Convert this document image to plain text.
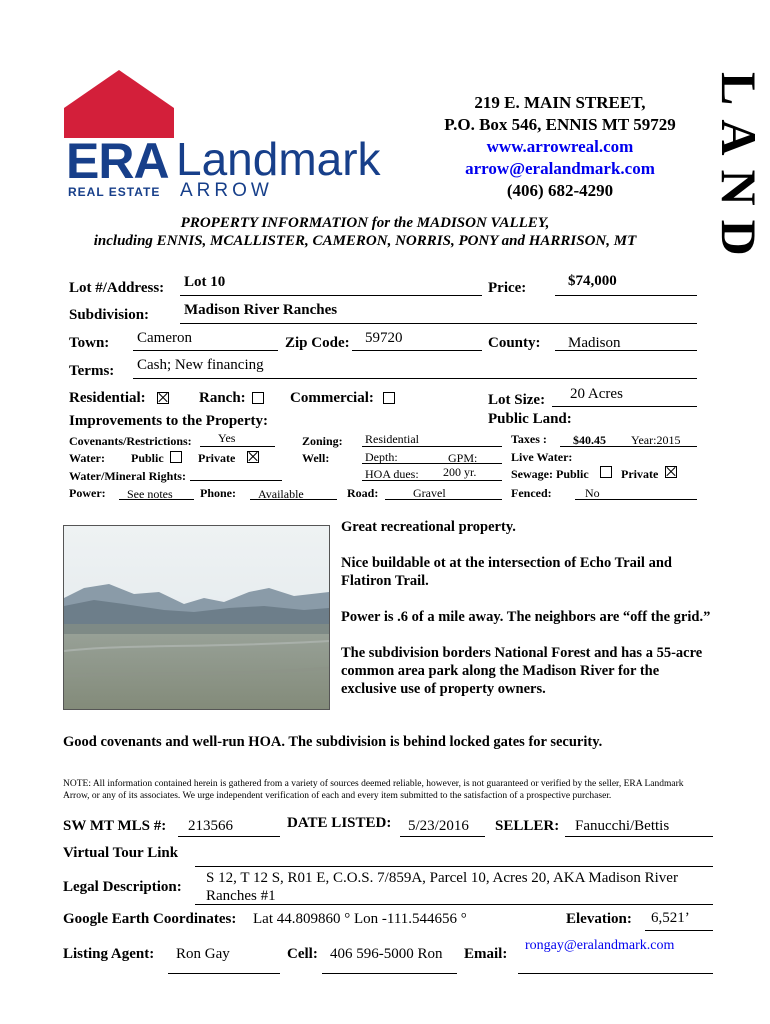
ERA Landmark
REAL ESTATE ARROW
219 E. MAIN STREET,
P.O. Box 546, ENNIS MT 59729
www.arrowreal.com
arrow@eralandmark.com
(406) 682-4290	LAND
PROPERTY INFORMATION for the MADISON VALLEY,
including ENNIS, MCALLISTER, CAMERON, NORRIS, PONY and HARRISON, MT
Lot #/Address: Lot 10	Price:	$74,000
Subdivision: Madison River Ranches
Town: Cameron	Zip Code: 59720	County: Madison
Terms: Cash; New financing
Residential:	Ranch:	Commercial:	Lot Size: 20 Acres
Improvements to the Property:	Public Land:
Covenants/Restrictions: Yes	Zoning: Residential	Taxes : $40.45 Year:2015
Water: Public	Private	Well:	Depth:	GPM:	Live Water:
Water/Mineral Rights:	HOA dues: 200 yr.	Sewage: Public	Private
Power: See notes Phone: Available	Road:	Gravel	Fenced:	No
Great recreational property.
Nice buildable ot at the intersection of Echo Trail and Flatiron Trail.
Power is .6 of a mile away. The neighbors are “off the grid.”
The subdivision borders National Forest and has a 55-acre common area park along the Madison River for the exclusive use of property owners.
Good covenants and well-run HOA. The subdivision is behind locked gates for security.
NOTE: All information contained herein is gathered from a variety of sources deemed reliable, however, is not guaranteed or verified by the seller, ERA Landmark Arrow, or any of its associates. We urge independent verification of each and every item submitted to the satisfaction of a prospective purchaser.
SW MT MLS #: 213566	DATE LISTED: 5/23/2016 SELLER: Fanucchi/Bettis
Virtual Tour Link
Legal Description:
S 12, T 12 S, R01 E, C.O.S. 7/859A, Parcel 10, Acres 20, AKA Madison River
Ranches #1
Google Earth Coordinates: Lat 44.809860 ° Lon -111.544656 °	Elevation: 6,521’
Listing Agent: Ron Gay	Cell: 406 596-5000 Ron Email:
rongay@eralandmark.com
